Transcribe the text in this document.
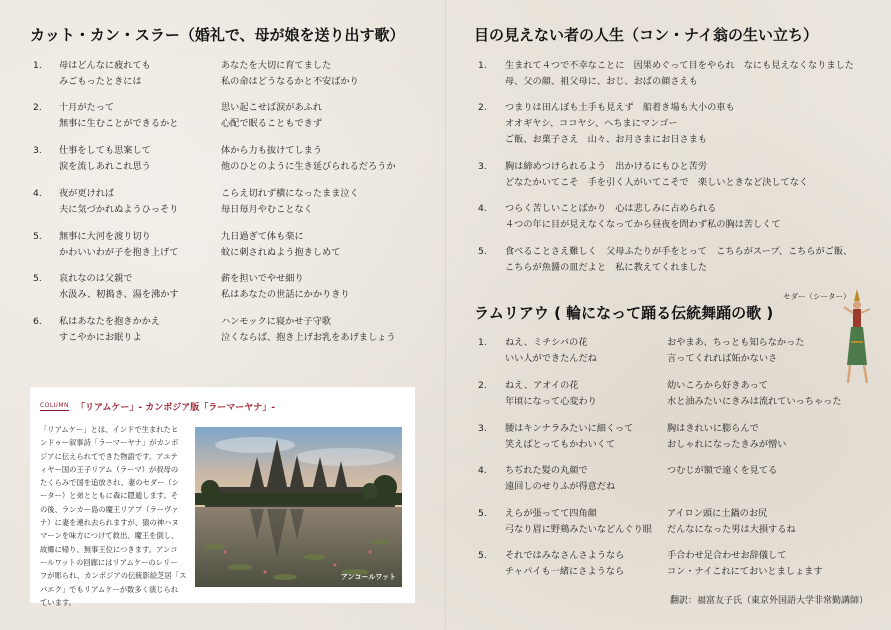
カット・カン・スラー（婚礼で、母が娘を送り出す歌）
1. 母はどんなに疲れても
みごもったときには
あなたを大切に育てました
私の命はどうなるかと不安ばかり
2. 十月がたって
無事に生むことができるかと
思い起こせば涙があふれ
心配で眠ることもできず
3. 仕事をしても思案して
涙を流しあれこれ思う
体から力も抜けてしまう
他のひとのように生き延びられるだろうか
4. 夜が更ければ
夫に気づかれぬようひっそり
こらえ切れず横になったまま泣く
毎日毎月やむことなく
5. 無事に大河を渡り切り
かわいいわが子を抱き上げて
九日過ぎて体も楽に
蚊に刺されぬよう抱きしめて
5. 哀れなのは父親で
水汲み、籾搗き、湯を沸かす
薪を担いでやせ細り
私はあなたの世話にかかりきり
6. 私はあなたを抱きかかえ
すこやかにお眠りよ
ハンモックに寝かせ子守歌
泣くならば、抱き上げお乳をあげましょう
COLUMN 「リアムケー」- カンボジア版「ラーマーヤナ」-
「リアムケー」とは、インドで生まれたヒ
ンドゥー叙事詩「ラーマーヤナ」がカンボ
ジアに伝えられてできた物語です。アユテ
ィヤー国の王子リアム（ラーマ）が叔母の
たくらみで国を追放され、妻のセダー（シ
ーター）と弟とともに森に隠遁します。そ
の後、ランカー島の魔王リアプ（ラーヴァ
ナ）に妻を連れ去られますが、猿の神ハヌ
マーンを味方につけて救出、魔王を倒し、
故郷に帰り、無事王位につきます。アンコ
ールワットの回廊にはリアムケーのレリー
フが彫られ、カンボジアの伝統影絵芝居「ス
バエク」でもリアムケーが数多く演じられ
ています。
アンコールワット
目の見えない者の人生（コン・ナイ翁の生い立ち）
1. 生まれて４つで不幸なことに　因果めぐって目をやられ　なにも見えなくなりました
母、父の顔、祖父母に、おじ、おばの顔さえも
2. つまりは田んぼも土手も見えず　船着き場も大小の車も
オオギヤシ、ココヤシ、ヘちまにマンゴー
ご飯、お菓子さえ　山々、お月さまにお日さまも
3. 胸は締めつけられるよう　出かけるにもひと苦労
どなたかいてこそ　手を引く人がいてこそで　楽しいときなど決してなく
4. つらく苦しいことばかり　心は悲しみに占められる
４つの年に目が見えなくなってから昼夜を問わず私の胸は苦しくて
5. 食べることさえ難しく　父母ふたりが手をとって　こちらがスープ、こちらがご飯、
こちらが魚醤の皿だよと　私に教えてくれました
セダー（シーター）
ラムリアウ ( 輪になって踊る伝統舞踊の歌 )
1. ねえ、ミチシバの花
いい人ができたんだね
おやまあ、ちっとも知らなかった
言ってくれれば妬かないさ
2. ねえ、アオイの花
年頃になって心変わり
幼いころから好きあって
水と油みたいにきみは流れていっちゃった
3. 腰はキンナラみたいに細くって
笑えばとってもかわいくて
胸はきれいに膨らんで
おしゃれになったきみが憎い
4. ちぢれた髪の丸顔で
遠回しのせりふが得意だね
つむじが額で遠くを見てる
5. えらが張ってて四角顔
弓なり眉に野鶏みたいなどんぐり眼
アイロン頭に土鍋のお尻
だんなになった男は大損するね
5. それではみなさんさようなら
チャパイも一緒にさようなら
手合わせ足合わせお辞儀して
コン・ナイこれにておいとましょます
翻訳：福富友子氏（東京外国語大学非常勤講師）
